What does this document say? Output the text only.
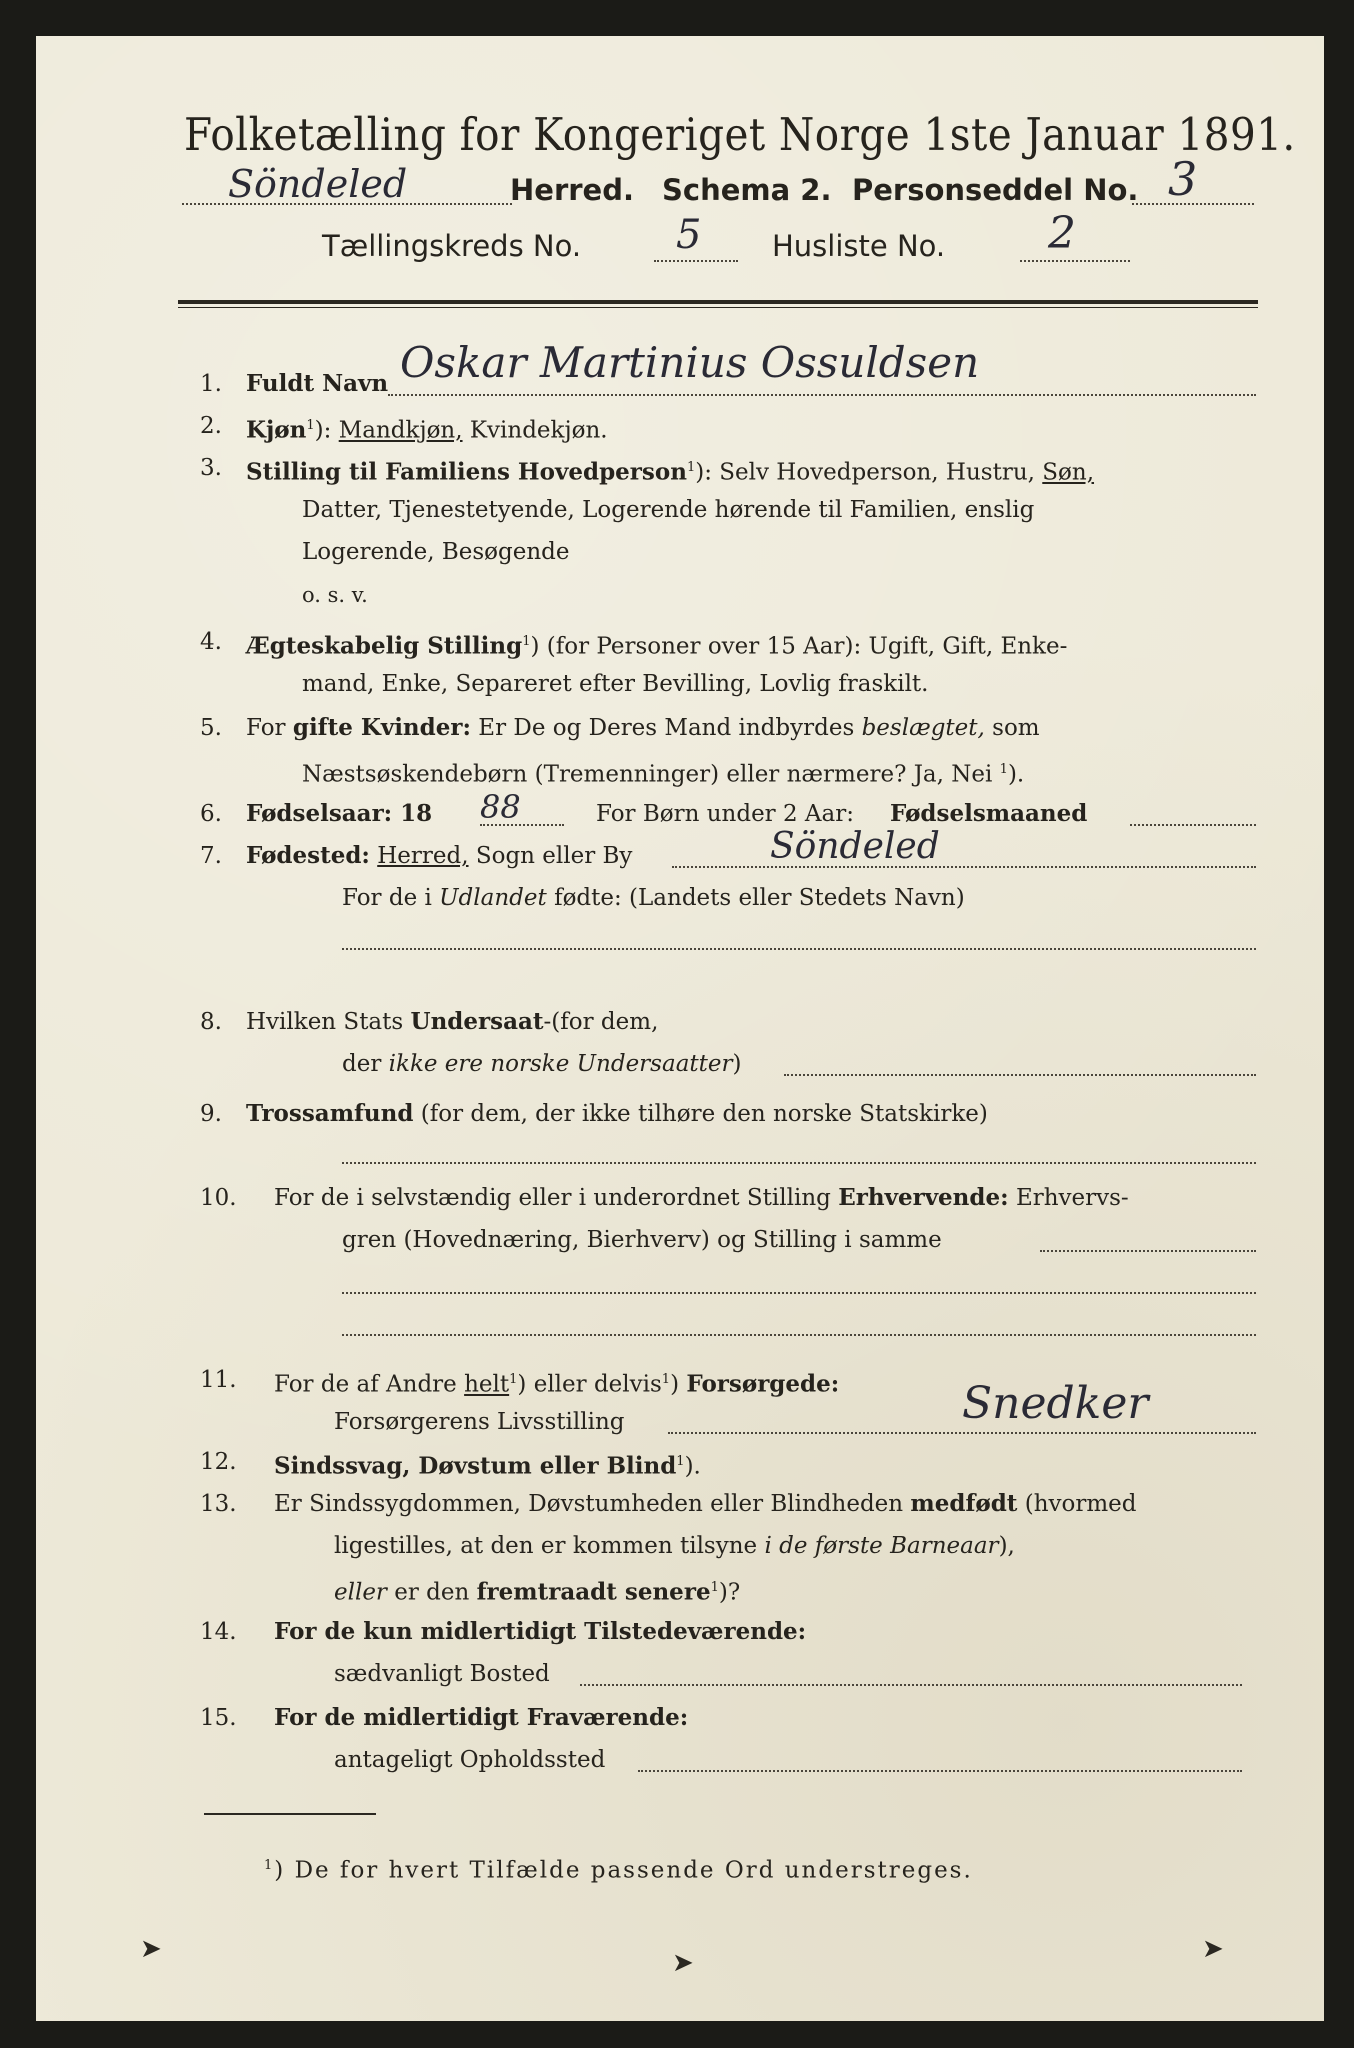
Folketælling for Kongeriget Norge 1ste Januar 1891.
Söndeled	Herred. Schema 2. Personseddel No. 3
Tællingskreds No. 5 Husliste No. 2
1. Fuldt Navn Oskar Martinius Ossuldsen
2. Kjøn$^1$): Mandkjøn, Kvindekjøn.
3. Stilling til Familiens Hovedperson$^1$): Selv Hovedperson, Hustru, Søn,
Datter, Tjenestetyende, Logerende hørende til Familien, enslig
Logerende, Besøgende
o. s. v.
4. Ægteskabelig Stilling$^1$) (for Personer over 15 Aar): Ugift, Gift, Enke-
mand, Enke, Separeret efter Bevilling, Lovlig fraskilt.
5. For gifte Kvinder: Er De og Deres Mand indbyrdes beslægtet, som
Næstsøskendebørn (Tremenninger) eller nærmere? Ja, Nei $^1$).
6. Fødselsaar: 18 88	For Børn under 2 Aar: Fødselsmaaned
7. Fødested: Herred, Sogn eller By	Söndeled
For de i Udlandet fødte: (Landets eller Stedets Navn)
8. Hvilken Stats Undersaat-(for dem,
der ikke ere norske Undersaatter)
9. Trossamfund (for dem, der ikke tilhøre den norske Statskirke)
10. For de i selvstændig eller i underordnet Stilling Erhvervende: Erhvervs-
gren (Hovednæring, Bierhverv) og Stilling i samme
11. For de af Andre helt$^1$) eller delvis$^1$) Forsørgede:
Forsørgerens Livsstilling	Snedker
12. Sindssvag, Døvstum eller Blind$^1$).
13. Er Sindssygdommen, Døvstumheden eller Blindheden medfødt (hvormed
ligestilles, at den er kommen tilsyne i de første Barneaar),
eller er den fremtraadt senere$^1$)?
14. For de kun midlertidigt Tilstedeværende:
sædvanligt Bosted
15. For de midlertidigt Fraværende:
antageligt Opholdssted
$^1$) De for hvert Tilfælde passende Ord understreges.
➤	➤	➤
